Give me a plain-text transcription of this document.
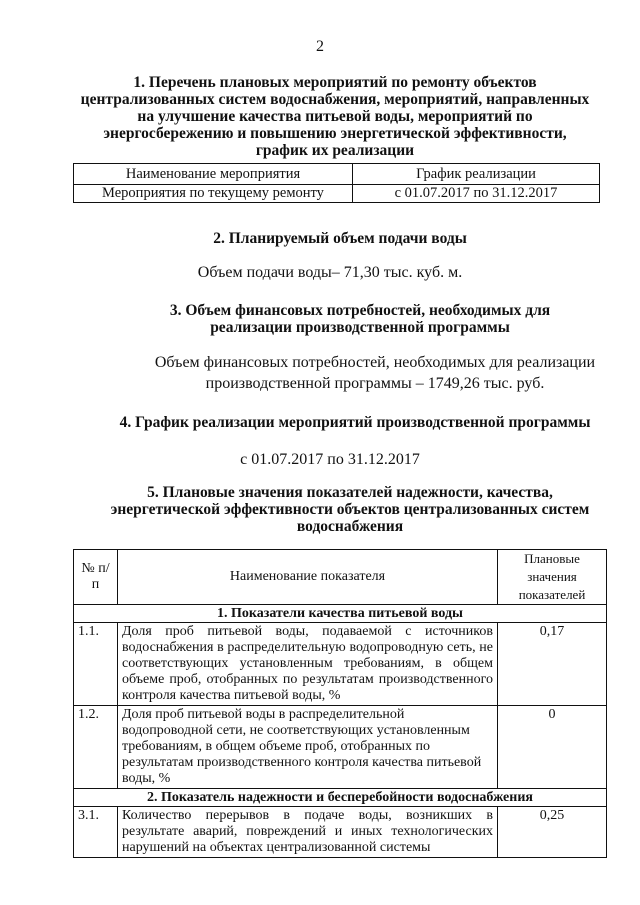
2
1. Перечень плановых мероприятий по ремонту объектов централизованных систем водоснабжения, мероприятий, направленных на улучшение качества питьевой воды, мероприятий по энергосбережению и повышению энергетической эффективности, график их реализации
Наименование мероприятия	График реализации
Мероприятия по текущему ремонту	с 01.07.2017 по 31.12.2017
2. Планируемый объем подачи воды
Объем подачи воды– 71,30 тыс. куб. м.
3. Объем финансовых потребностей, необходимых для реализации производственной программы
Объем финансовых потребностей, необходимых для реализации производственной программы – 1749,26 тыс. руб.
4. График реализации мероприятий производственной программы
с 01.07.2017 по 31.12.2017
5. Плановые значения показателей надежности, качества, энергетической эффективности объектов централизованных систем водоснабжения
№ п/п	Наименование показателя	Плановые значения показателей
1. Показатели качества питьевой воды		
1.1.	Доля проб питьевой воды, подаваемой с источников водоснабжения в распределительную водопроводную сеть, не соответствующих установленным требованиям, в общем объеме проб, отобранных по результатам производственного контроля качества питьевой воды, %	0,17
1.2.	Доля проб питьевой воды в распределительной водопроводной сети, не соответствующих установленным требованиям, в общем объеме проб, отобранных по результатам производственного контроля качества питьевой воды, %	0
2. Показатель надежности и бесперебойности водоснабжения		
3.1.	Количество перерывов в подаче воды, возникших в результате аварий, повреждений и иных технологических нарушений на объектах централизованной системы	0,25
